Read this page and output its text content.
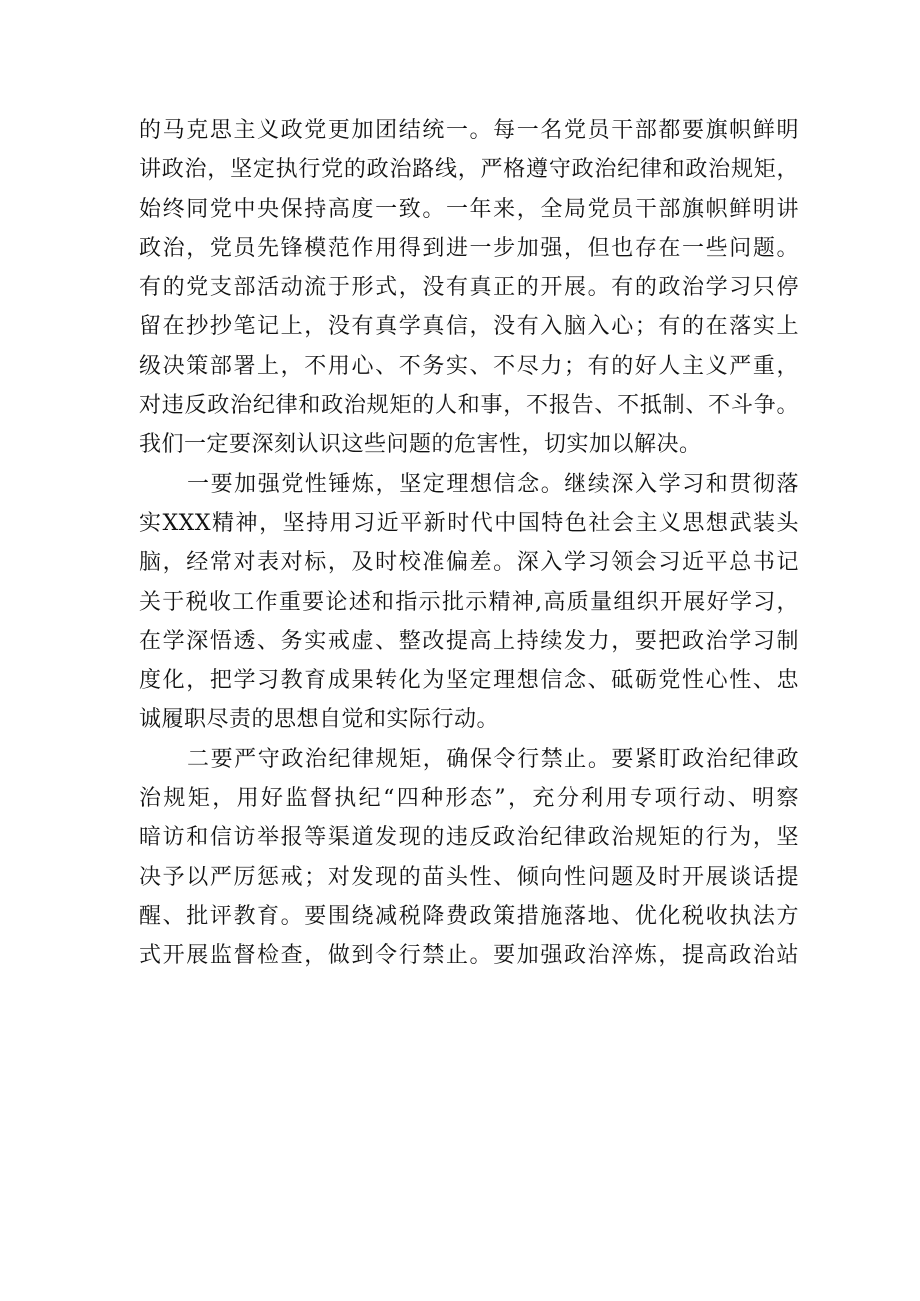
的马克思主义政党更加团结统一。每一名党员干部都要旗帜鲜明
讲政治，坚定执行党的政治路线，严格遵守政治纪律和政治规矩，
始终同党中央保持高度一致。一年来，全局党员干部旗帜鲜明讲
政治，党员先锋模范作用得到进一步加强，但也存在一些问题。
有的党支部活动流于形式，没有真正的开展。有的政治学习只停
留在抄抄笔记上，没有真学真信，没有入脑入心；有的在落实上
级决策部署上，不用心、不务实、不尽力；有的好人主义严重，
对违反政治纪律和政治规矩的人和事，不报告、不抵制、不斗争。
我们一定要深刻认识这些问题的危害性，切实加以解决。
一要加强党性锤炼，坚定理想信念。继续深入学习和贯彻落
实XXX精神，坚持用习近平新时代中国特色社会主义思想武装头
脑，经常对表对标，及时校准偏差。深入学习领会习近平总书记
关于税收工作重要论述和指示批示精神,高质量组织开展好学习，
在学深悟透、务实戒虚、整改提高上持续发力，要把政治学习制
度化，把学习教育成果转化为坚定理想信念、砥砺党性心性、忠
诚履职尽责的思想自觉和实际行动。
二要严守政治纪律规矩，确保令行禁止。要紧盯政治纪律政
治规矩，用好监督执纪“四种形态”，充分利用专项行动、明察
暗访和信访举报等渠道发现的违反政治纪律政治规矩的行为，坚
决予以严厉惩戒；对发现的苗头性、倾向性问题及时开展谈话提
醒、批评教育。要围绕减税降费政策措施落地、优化税收执法方
式开展监督检查，做到令行禁止。要加强政治淬炼，提高政治站
